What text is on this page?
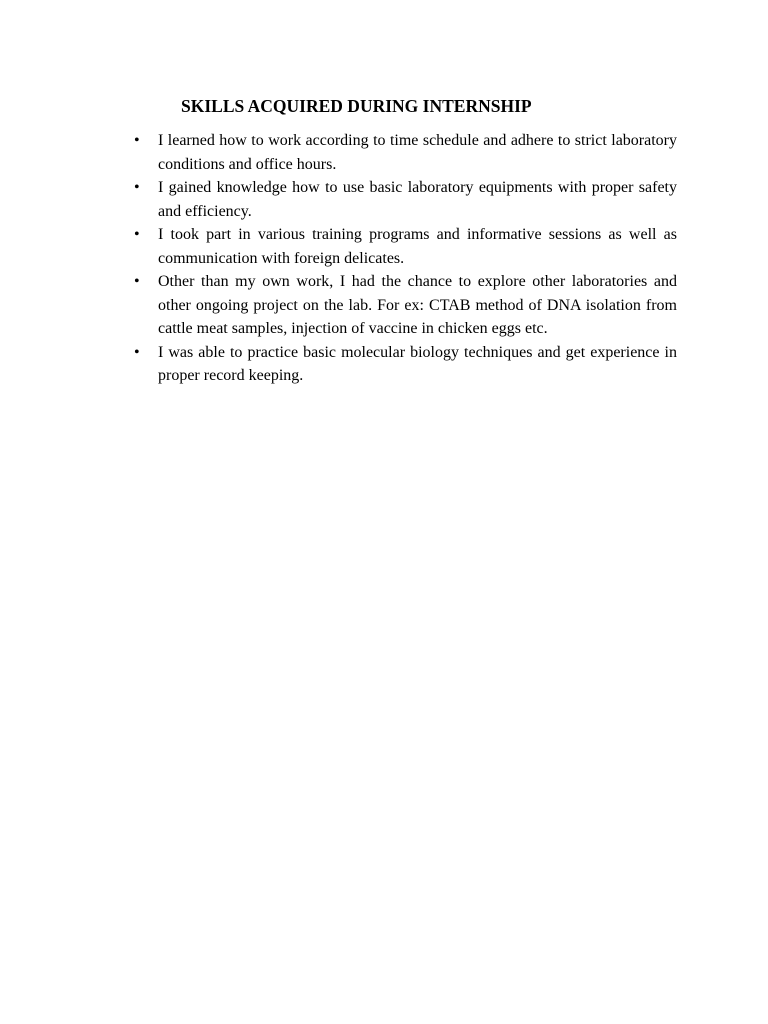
SKILLS ACQUIRED DURING INTERNSHIP
• I learned how to work according to time schedule and adhere to strict laboratory conditions and office hours.
• I gained knowledge how to use basic laboratory equipments with proper safety and efficiency.
• I took part in various training programs and informative sessions as well as communication with foreign delicates.
• Other than my own work, I had the chance to explore other laboratories and other ongoing project on the lab. For ex: CTAB method of DNA isolation from cattle meat samples, injection of vaccine in chicken eggs etc.
• I was able to practice basic molecular biology techniques and get experience in proper record keeping.
